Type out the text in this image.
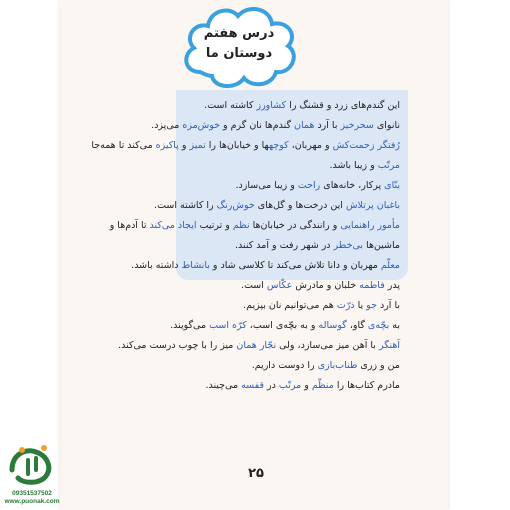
درس هفتم
دوستان ما

این گندم‌های زرد و قشنگ را کشاورز کاشته است.

نانوای سحرخیز با آرد همان گندم‌ها نان گرم و خوش‌مزه می‌پزد.

رُفتگر زحمت‌کش و مهربان، کوچهها و خیابان‌ها را تمیز و پاکیزه می‌کند تا همه‌جا

مرتّب و زیبا باشد.

بنّای پرکار، خانه‌های راحت و زیبا می‌سازد.

باغبان پرتلاش این درخت‌ها و گل‌های خوش‌رنگ را کاشته است.

مأمور راهنمایی و رانندگی در خیابان‌ها نظم و ترتیب ایجاد می‌کند تا آدم‌ها و

ماشین‌ها بی‌خطر در شهر رفت و آمد کنند.

معلّم مهربان و دانا تلاش می‌کند تا کلاسی شاد و بانشاط داشته باشد.

پدر فاطمه خلبان و مادرش عکّاس است.

با آرد جو یا ذرّت هم می‌توانیم نان بپزیم.

به بچّه‌ی گاو، گوساله و به بچّه‌ی اسب، کرّه اسب می‌گویند.

آهنگر با آهن میز می‌سازد، ولی نجّار همان میز را با چوب درست می‌کند.

من و زری طناب‌بازی را دوست داریم.

مادرم کتاب‌ها را منظّم و مرتّب در قفسه می‌چیند.

۲۵
09351537502
www.puonak.com
